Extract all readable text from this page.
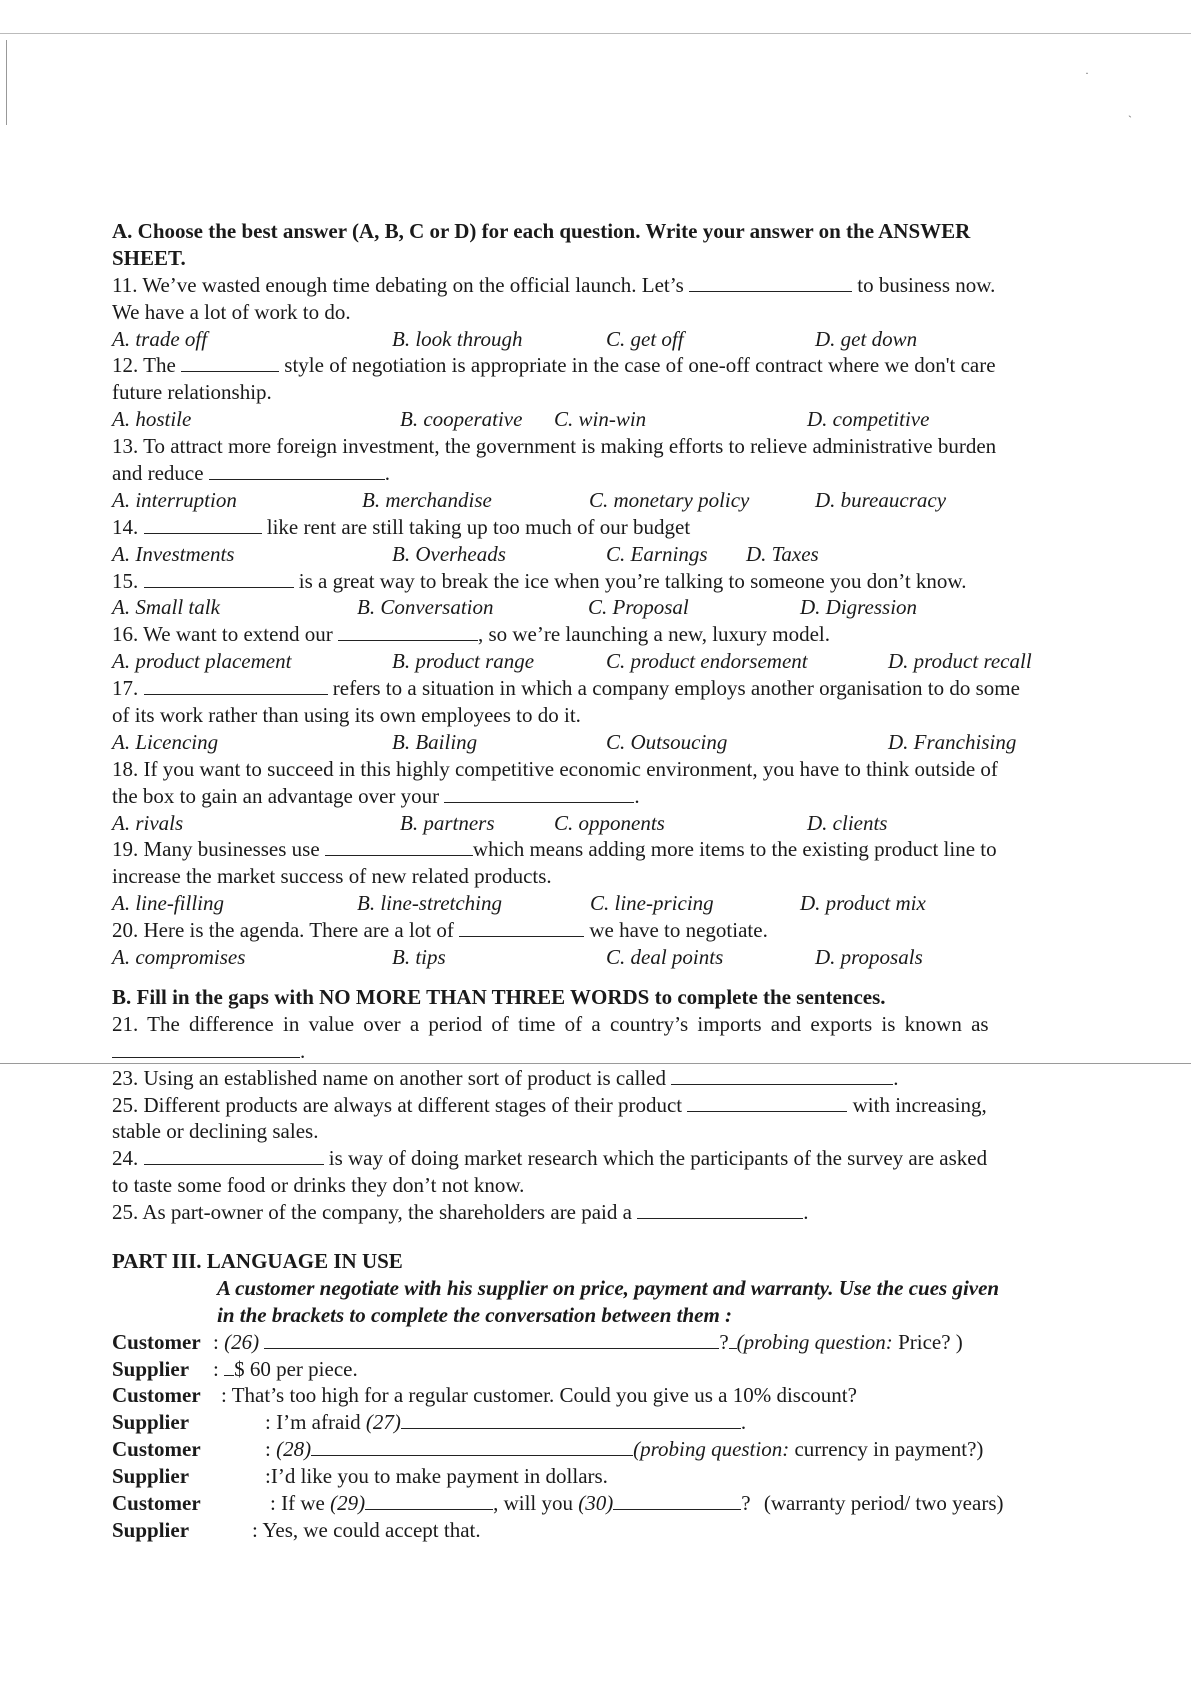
·
ˎ
A. Choose the best answer (A, B, C or D) for each question. Write your answer on the ANSWER
SHEET.
11. We’ve wasted enough time debating on the official launch. Let’s	to business now.
We have a lot of work to do.
A. trade off	B. look through	C. get off	D. get down
12. The	style of negotiation is appropriate in the case of one-off contract where we don't care
future relationship.
A. hostile	B. cooperative C. win-win	D. competitive
13. To attract more foreign investment, the government is making efforts to relieve administrative burden
and reduce	.
A. interruption	B. merchandise	C. monetary policy	D. bureaucracy
14.	like rent are still taking up too much of our budget
A. Investments	B. Overheads	C. Earnings D. Taxes
15.	is a great way to break the ice when you’re talking to someone you don’t know.
A. Small talk	B. Conversation	C. Proposal	D. Digression
16. We want to extend our	, so we’re launching a new, luxury model.
A. product placement	B. product range	C. product endorsement	D. product recall
17.	refers to a situation in which a company employs another organisation to do some
of its work rather than using its own employees to do it.
A. Licencing	B. Bailing	C. Outsoucing	D. Franchising
18. If you want to succeed in this highly competitive economic environment, you have to think outside of
the box to gain an advantage over your	.
A. rivals	B. partners	C. opponents	D. clients
19. Many businesses use	which means adding more items to the existing product line to
increase the market success of new related products.
A. line-filling	B. line-stretching	C. line-pricing	D. product mix
20. Here is the agenda. There are a lot of	we have to negotiate.
A. compromises	B. tips	C. deal points	D. proposals
B. Fill in the gaps with NO MORE THAN THREE WORDS to complete the sentences.
21. The difference in value over a period of time of a country’s imports and exports is known as
.
23. Using an established name on another sort of product is called	.
25. Different products are always at different stages of their product	with increasing,
stable or declining sales.
24.	is way of doing market research which the participants of the survey are asked
to taste some food or drinks they don’t not know.
25. As part-owner of the company, the shareholders are paid a	.
PART III. LANGUAGE IN USE
A customer negotiate with his supplier on price, payment and warranty. Use the cues given
in the brackets to complete the conversation between them :
Customer : (26)	? (probing question: Price? )
Supplier : $ 60 per piece.
Customer : That’s too high for a regular customer. Could you give us a 10% discount?
Supplier	: I’m afraid (27)	.
Customer	: (28)	(probing question: currency in payment?)
Supplier	:I’d like you to make payment in dollars.
Customer	: If we (29)	, will you (30)	? (warranty period/ two years)
Supplier	: Yes, we could accept that.
